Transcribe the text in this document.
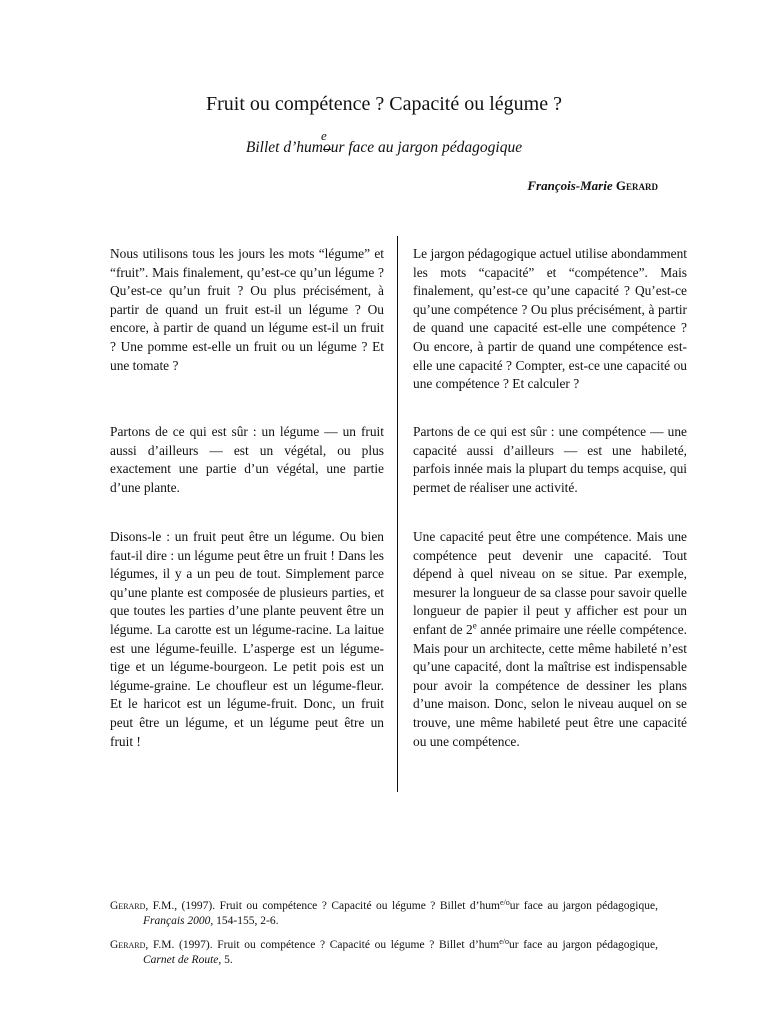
Fruit ou compétence ? Capacité ou légume ?
Billet d’hum
e
our face au jargon pédagogique
François-Marie Gerard
Nous utilisons tous les jours les mots “légume” et “fruit”. Mais finalement, qu’est-ce qu’un légume ? Qu’est-ce qu’un fruit ? Ou plus précisément, à partir de quand un fruit est-il un légume ? Ou encore, à partir de quand un légume est-il un fruit ? Une pomme est-elle un fruit ou un légume ? Et une tomate ?
Partons de ce qui est sûr : un légume — un fruit aussi d’ailleurs — est un végétal, ou plus exactement une partie d’un végétal, une partie d’une plante.
Disons-le : un fruit peut être un légume. Ou bien faut-il dire : un légume peut être un fruit ! Dans les légumes, il y a un peu de tout. Simplement parce qu’une plante est composée de plusieurs parties, et que toutes les parties d’une plante peuvent être un légume. La carotte est un légume-racine. La laitue est une légume-feuille. L’asperge est un légume-tige et un légume-bourgeon. Le petit pois est un légume-graine. Le choufleur est un légume-fleur. Et le haricot est un légume-fruit. Donc, un fruit peut être un légume, et un légume peut être un fruit !
Le jargon pédagogique actuel utilise abondamment les mots “capacité” et “compétence”. Mais finalement, qu’est-ce qu’une capacité ? Qu’est-ce qu’une compétence ? Ou plus précisément, à partir de quand une capacité est-elle une compétence ? Ou encore, à partir de quand une compétence est-elle une capacité ? Compter, est-ce une capacité ou une compétence ? Et calculer ?
Partons de ce qui est sûr : une compétence — une capacité aussi d’ailleurs — est une habileté, parfois innée mais la plupart du temps acquise, qui permet de réaliser une activité.
Une capacité peut être une compétence. Mais une compétence peut devenir une capacité. Tout dépend à quel niveau on se situe. Par exemple, mesurer la longueur de sa classe pour savoir quelle longueur de papier il peut y afficher est pour un enfant de 2e année primaire une réelle compétence. Mais pour un architecte, cette même habileté n’est qu’une capacité, dont la maîtrise est indispensable pour avoir la compétence de dessiner les plans d’une maison. Donc, selon le niveau auquel on se trouve, une même habileté peut être une capacité ou une compétence.
Gerard, F.M., (1997). Fruit ou compétence ? Capacité ou légume ? Billet d’hum$^{e/o}$ur face au jargon pédagogique, Français 2000, 154-155, 2-6.
Gerard, F.M. (1997). Fruit ou compétence ? Capacité ou légume ? Billet d’hum$^{e/o}$ur face au jargon pédagogique, Carnet de Route, 5.
